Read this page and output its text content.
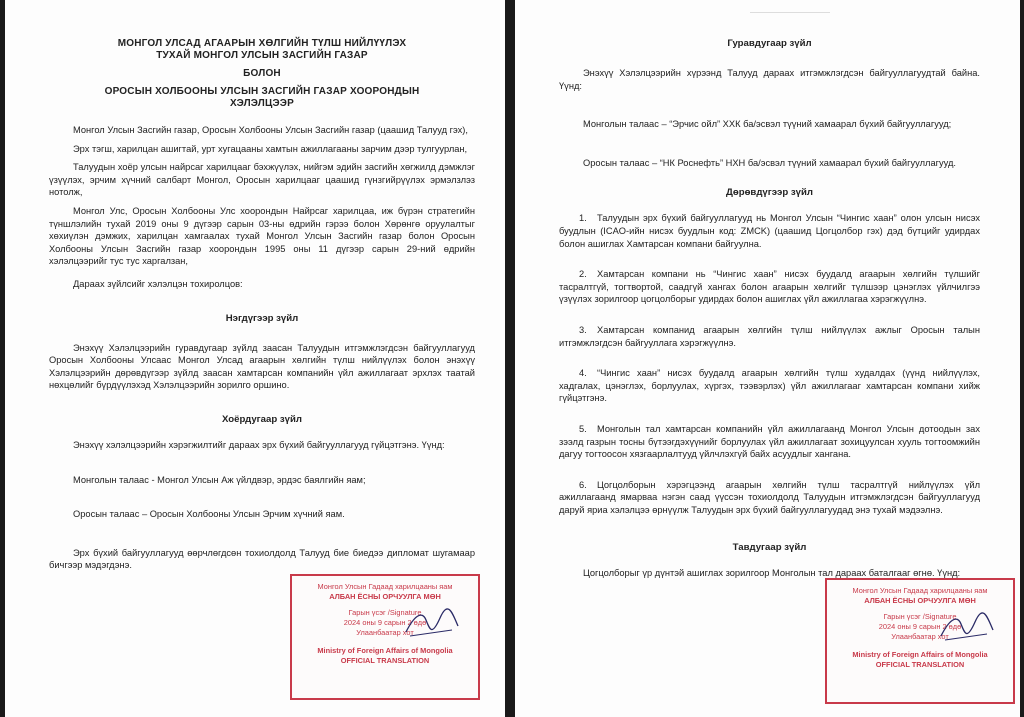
МОНГОЛ УЛСАД АГААРЫН ХӨЛГИЙН ТҮЛШ НИЙЛҮҮЛЭХ
ТУХАЙ МОНГОЛ УЛСЫН ЗАСГИЙН ГАЗАР
БОЛОН
ОРОСЫН ХОЛБООНЫ УЛСЫН ЗАСГИЙН ГАЗАР ХООРОНДЫН
ХЭЛЭЛЦЭЭР

Монгол Улсын Засгийн газар, Оросын Холбооны Улсын Засгийн газар (цаашид Талууд гэх),

Эрх тэгш, харилцан ашигтай, урт хугацааны хамтын ажиллагааны зарчим дээр тулгуурлан,

Талуудын хоёр улсын найрсаг харилцааг бэхжүүлэх, нийгэм эдийн засгийн хөгжилд дэмжлэг үзүүлэх, эрчим хүчний салбарт Монгол, Оросын харилцааг цаашид гүнзгийрүүлэх эрмэлзлэз нотолж,

Монгол Улс, Оросын Холбооны Улс хоорондын Найрсаг харилцаа, иж бүрэн стратегийн түншлэлийн тухай 2019 оны 9 дүгээр сарын 03-ны өдрийн гэрээ болон Хөрөнгө оруулалтыг хөхиүлэн дэмжих, харилцан хамгаалах тухай Монгол Улсын Засгийн газар болон Оросын Холбооны Улсын Засгийн газар хоорондын 1995 оны 11 дүгээр сарын 29-ний өдрийн хэлэлцээрийг тус тус харгалзан,

Дараах зүйлсийг хэлэлцэн тохиролцов:

Нэгдүгээр зүйл

Энэхүү Хэлэлцээрийн гуравдугаар зүйлд заасан Талуудын итгэмжлэгдсэн байгууллагууд Оросын Холбооны Улсаас Монгол Улсад агаарын хөлгийн түлш нийлүүлэх болон энэхүү Хэлэлцээрийн дөрөвдүгээр зүйлд заасан хамтарсан компанийн үйл ажиллагаат эрхлэх таатай нөхцөлийг бүрдүүлэхэд Хэлэлцээрийн зорилго оршино.

Хоёрдугаар зүйл

Энэхүү хэлэлцээрийн хэрэгжилтийг дараах эрх бүхий байгууллагууд гүйцэтгэнэ. Үүнд:

Монголын талаас - Монгол Улсын Аж үйлдвэр, эрдэс баялгийн яам;

Оросын талаас – Оросын Холбооны Улсын Эрчим хүчний яам.

Эрх бүхий байгууллагууд өөрчлөгдсөн тохиолдолд Талууд бие биедээ дипломат шугамаар бичгээр мэдэгдэнэ.

Гуравдугаар зүйл

Энэхүү Хэлэлцээрийн хүрээнд Талууд дараах итгэмжлэгдсэн байгууллагуудтай байна. Үүнд:

Монголын талаас – “Эрчис ойл” ХХК ба/эсвэл түүний хамаарал бүхий байгууллагууд;

Оросын талаас – “НК Роснефть” НХН ба/эсвэл түүний хамаарал бүхий байгууллагууд.

Дөрөвдүгээр зүйл

1. Талуудын эрх бүхий байгууллагууд нь Монгол Улсын “Чингис хаан” олон улсын нисэх буудлын (ICAO-ийн нисэх буудлын код: ZMCK) (цаашид Цогцолбор гэх) дэд бүтцийг удирдах болон ашиглах Хамтарсан компани байгуулна.

2. Хамтарсан компани нь “Чингис хаан” нисэх буудалд агаарын хөлгийн түлшийг тасралтгүй, тогтвортой, саадгүй хангах болон агаарын хөлгийг түлшээр цэнэглэх үйлчилгээ үзүүлэх зорилгоор цогцолборыг удирдах болон ашиглах үйл ажиллагаа хэрэгжүүлнэ.

3. Хамтарсан компанид агаарын хөлгийн түлш нийлүүлэх ажлыг Оросын талын итгэмжлэгдсэн байгууллага хэрэгжүүлнэ.

4. “Чингис хаан” нисэх буудалд агаарын хөлгийн түлш худалдах (үүнд нийлүүлэх, хадгалах, цэнэглэх, борлуулах, хүргэх, тээвэрлэх) үйл ажиллагааг хамтарсан компани хийж гүйцэтгэнэ.

5. Монголын тал хамтарсан компанийн үйл ажиллагаанд Монгол Улсын дотоодын зах зээлд газрын тосны бүтээгдэхүүнийг борлуулах үйл ажиллагаат зохицуулсан хууль тогтоомжийн дагуу тогтоосон хязгаарлалтууд үйлчлэхгүй байх асуудлыг хангана.

6. Цогцолборын хэрэгцээнд агаарын хөлгийн түлш тасралтгүй нийлүүлэх үйл ажиллагаанд ямарваа нэгэн саад үүссэн тохиолдолд Талуудын итгэмжлэгдсэн байгууллагууд даруй яриа хэлэлцээ өрнүүлж Талуудын эрх бүхий байгууллагуудад энэ тухай мэдээлнэ.

Тавдугаар зүйл

Цогцолборыг үр дүнтэй ашиглах зорилгоор Монголын тал дараах баталгааг өгнө. Үүнд:

Монгол Улсын Гадаад харилцааны яам
АЛБАН ЁСНЫ ОРЧУУЛГА МӨН
Гарын үсэг /Signature
2024 оны 9 сарын 2 өдө
Улаанбаатар хот
Ministry of Foreign Affairs of Mongolia
OFFICIAL TRANSLATION
Монгол Улсын Гадаад харилцааны яам
АЛБАН ЁСНЫ ОРЧУУЛГА МӨН
Гарын үсэг /Signature
2024 оны 9 сарын 2 өдө
Улаанбаатар хот
Ministry of Foreign Affairs of Mongolia
OFFICIAL TRANSLATION
